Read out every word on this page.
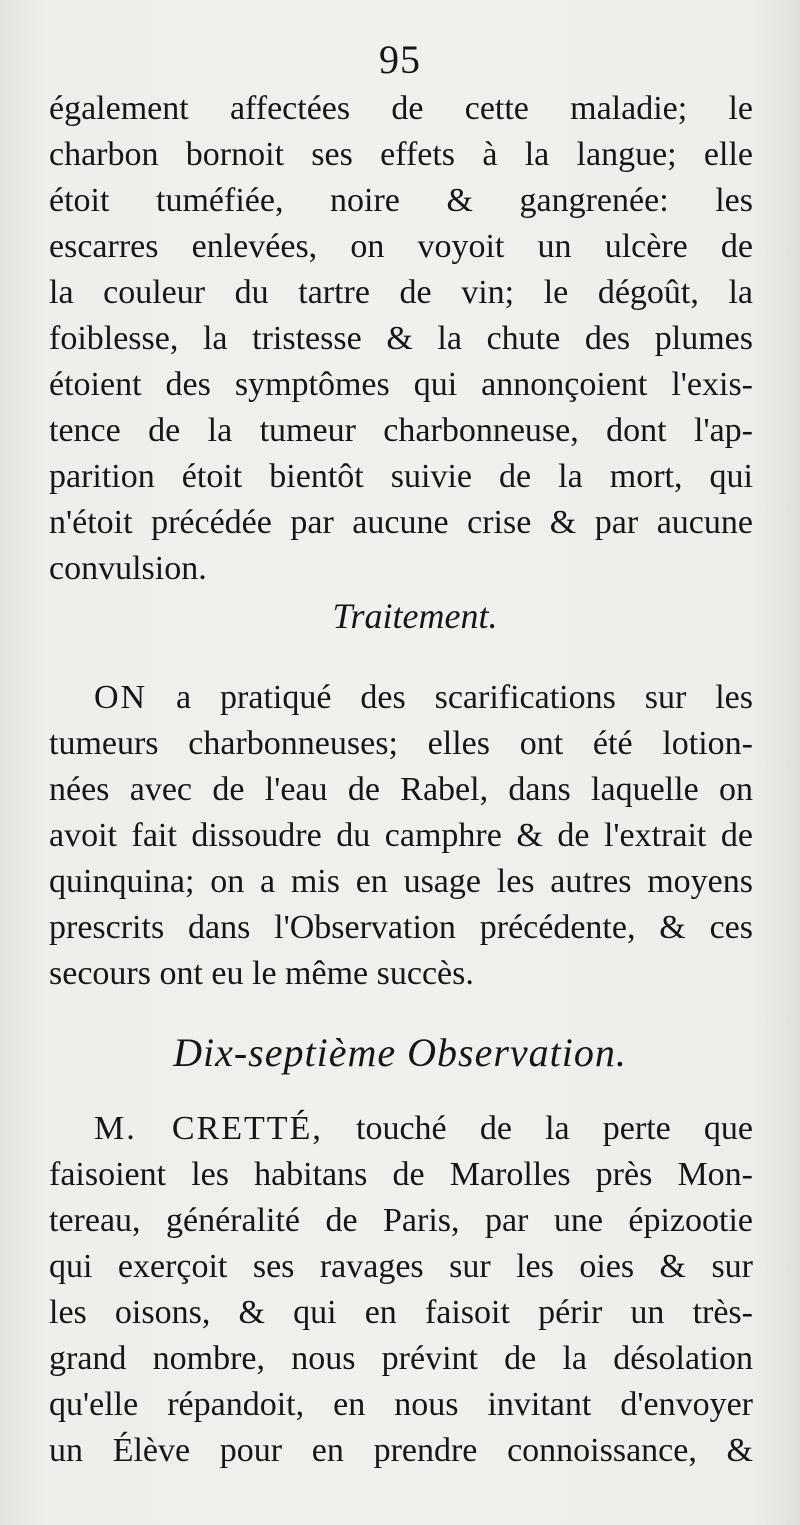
95
également affectées de cette maladie; le
charbon bornoit ses effets à la langue; elle
étoit tuméfiée, noire & gangrenée: les
escarres enlevées, on voyoit un ulcère de
la couleur du tartre de vin; le dégoût, la
foiblesse, la tristesse & la chute des plumes
étoient des symptômes qui annonçoient l'exis-
tence de la tumeur charbonneuse, dont l'ap-
parition étoit bientôt suivie de la mort, qui
n'étoit précédée par aucune crise & par aucune
convulsion.
Traitement.
ON a pratiqué des scarifications sur les
tumeurs charbonneuses; elles ont été lotion-
nées avec de l'eau de Rabel, dans laquelle on
avoit fait dissoudre du camphre & de l'extrait de
quinquina; on a mis en usage les autres moyens
prescrits dans l'Observation précédente, & ces
secours ont eu le même succès.
Dix-septième Observation.
M. CRETTÉ, touché de la perte que
faisoient les habitans de Marolles près Mon-
tereau, généralité de Paris, par une épizootie
qui exerçoit ses ravages sur les oies & sur
les oisons, & qui en faisoit périr un très-
grand nombre, nous prévint de la désolation
qu'elle répandoit, en nous invitant d'envoyer
un Élève pour en prendre connoissance, &
